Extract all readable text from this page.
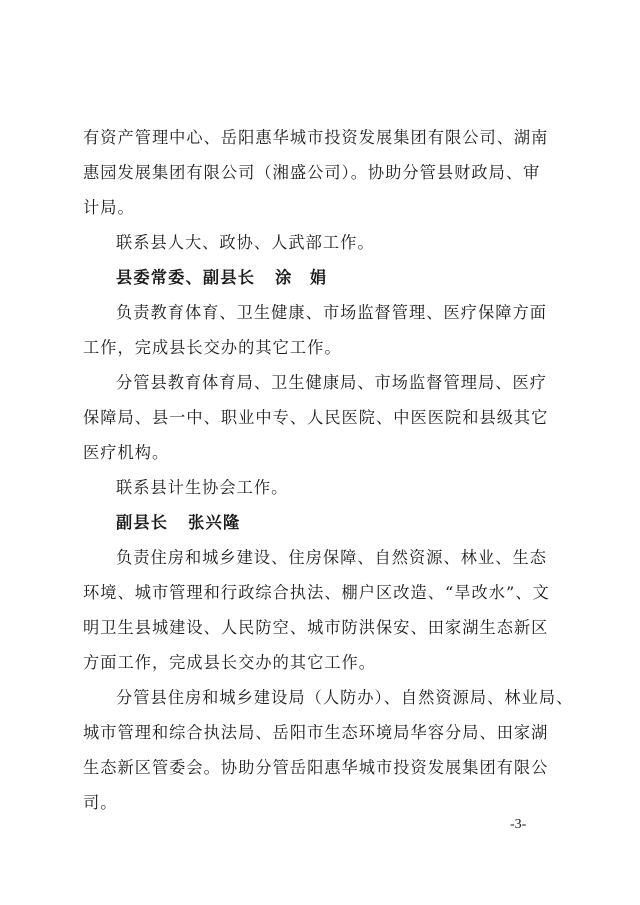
有资产管理中心、岳阳惠华城市投资发展集团有限公司、湖南
惠园发展集团有限公司（湘盛公司）。协助分管县财政局、审
计局。
联系县人大、政协、人武部工作。
县委常委、副县长 涂　娟
负责教育体育、卫生健康、市场监督管理、医疗保障方面
工作，完成县长交办的其它工作。
分管县教育体育局、卫生健康局、市场监督管理局、医疗
保障局、县一中、职业中专、人民医院、中医医院和县级其它
医疗机构。
联系县计生协会工作。
副县长 张兴隆
负责住房和城乡建设、住房保障、自然资源、林业、生态
环境、城市管理和行政综合执法、棚户区改造、“旱改水”、文
明卫生县城建设、人民防空、城市防洪保安、田家湖生态新区
方面工作，完成县长交办的其它工作。
分管县住房和城乡建设局（人防办）、自然资源局、林业局、
城市管理和综合执法局、岳阳市生态环境局华容分局、田家湖
生态新区管委会。协助分管岳阳惠华城市投资发展集团有限公
司。
-3-
